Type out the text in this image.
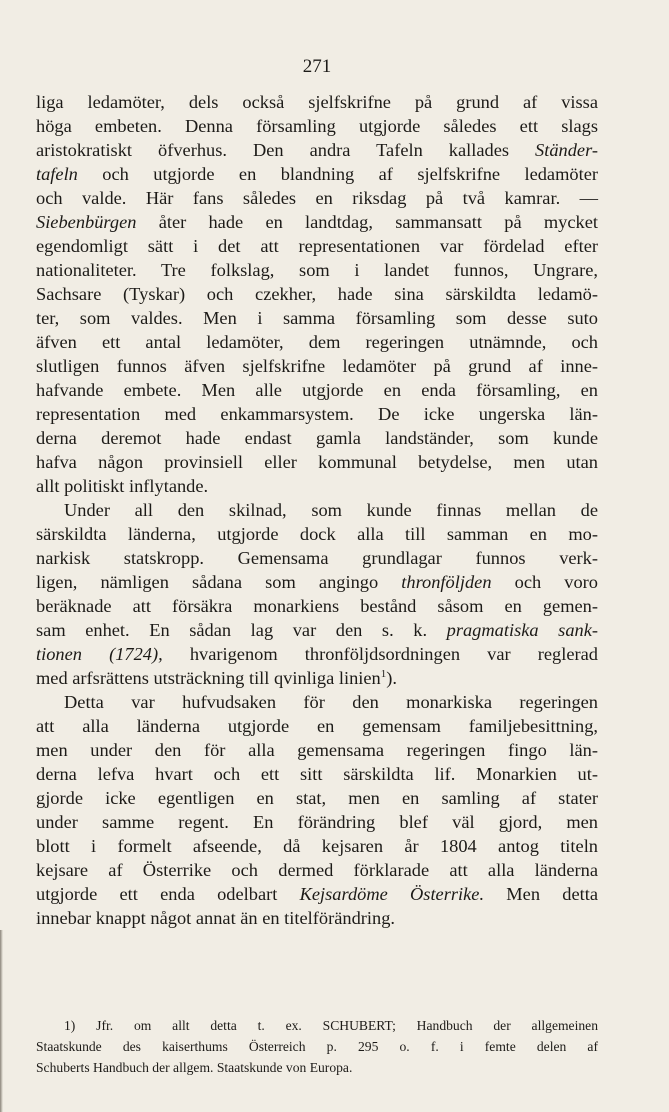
271
liga ledamöter, dels också sjelfskrifne på grund af vissa
höga embeten. Denna församling utgjorde således ett slags
aristokratiskt öfverhus. Den andra Tafeln kallades Ständer-
tafeln och utgjorde en blandning af sjelfskrifne ledamöter
och valde. Här fans således en riksdag på två kamrar. —
Siebenbürgen åter hade en landtdag, sammansatt på mycket
egendomligt sätt i det att representationen var fördelad efter
nationaliteter. Tre folkslag, som i landet funnos, Ungrare,
Sachsare (Tyskar) och czekher, hade sina särskildta ledamö-
ter, som valdes. Men i samma församling som desse suto
äfven ett antal ledamöter, dem regeringen utnämnde, och
slutligen funnos äfven sjelfskrifne ledamöter på grund af inne-
hafvande embete. Men alle utgjorde en enda församling, en
representation med enkammarsystem. De icke ungerska län-
derna deremot hade endast gamla landständer, som kunde
hafva någon provinsiell eller kommunal betydelse, men utan
allt politiskt inflytande.
Under all den skilnad, som kunde finnas mellan de
särskildta länderna, utgjorde dock alla till samman en mo-
narkisk statskropp. Gemensama grundlagar funnos verk-
ligen, nämligen sådana som angingo thronföljden och voro
beräknade att försäkra monarkiens bestånd såsom en gemen-
sam enhet. En sådan lag var den s. k. pragmatiska sank-
tionen (1724), hvarigenom thronföljdsordningen var reglerad
med arfsrättens utsträckning till qvinliga linien$^1$).
Detta var hufvudsaken för den monarkiska regeringen
att alla länderna utgjorde en gemensam familjebesittning,
men under den för alla gemensama regeringen fingo län-
derna lefva hvart och ett sitt särskildta lif. Monarkien ut-
gjorde icke egentligen en stat, men en samling af stater
under samme regent. En förändring blef väl gjord, men
blott i formelt afseende, då kejsaren år 1804 antog titeln
kejsare af Österrike och dermed förklarade att alla länderna
utgjorde ett enda odelbart Kejsardöme Österrike. Men detta
innebar knappt något annat än en titelförändring.
1) Jfr. om allt detta t. ex. SCHUBERT; Handbuch der allgemeinen
Staatskunde des kaiserthums Österreich p. 295 o. f. i femte delen af
Schuberts Handbuch der allgem. Staatskunde von Europa.
